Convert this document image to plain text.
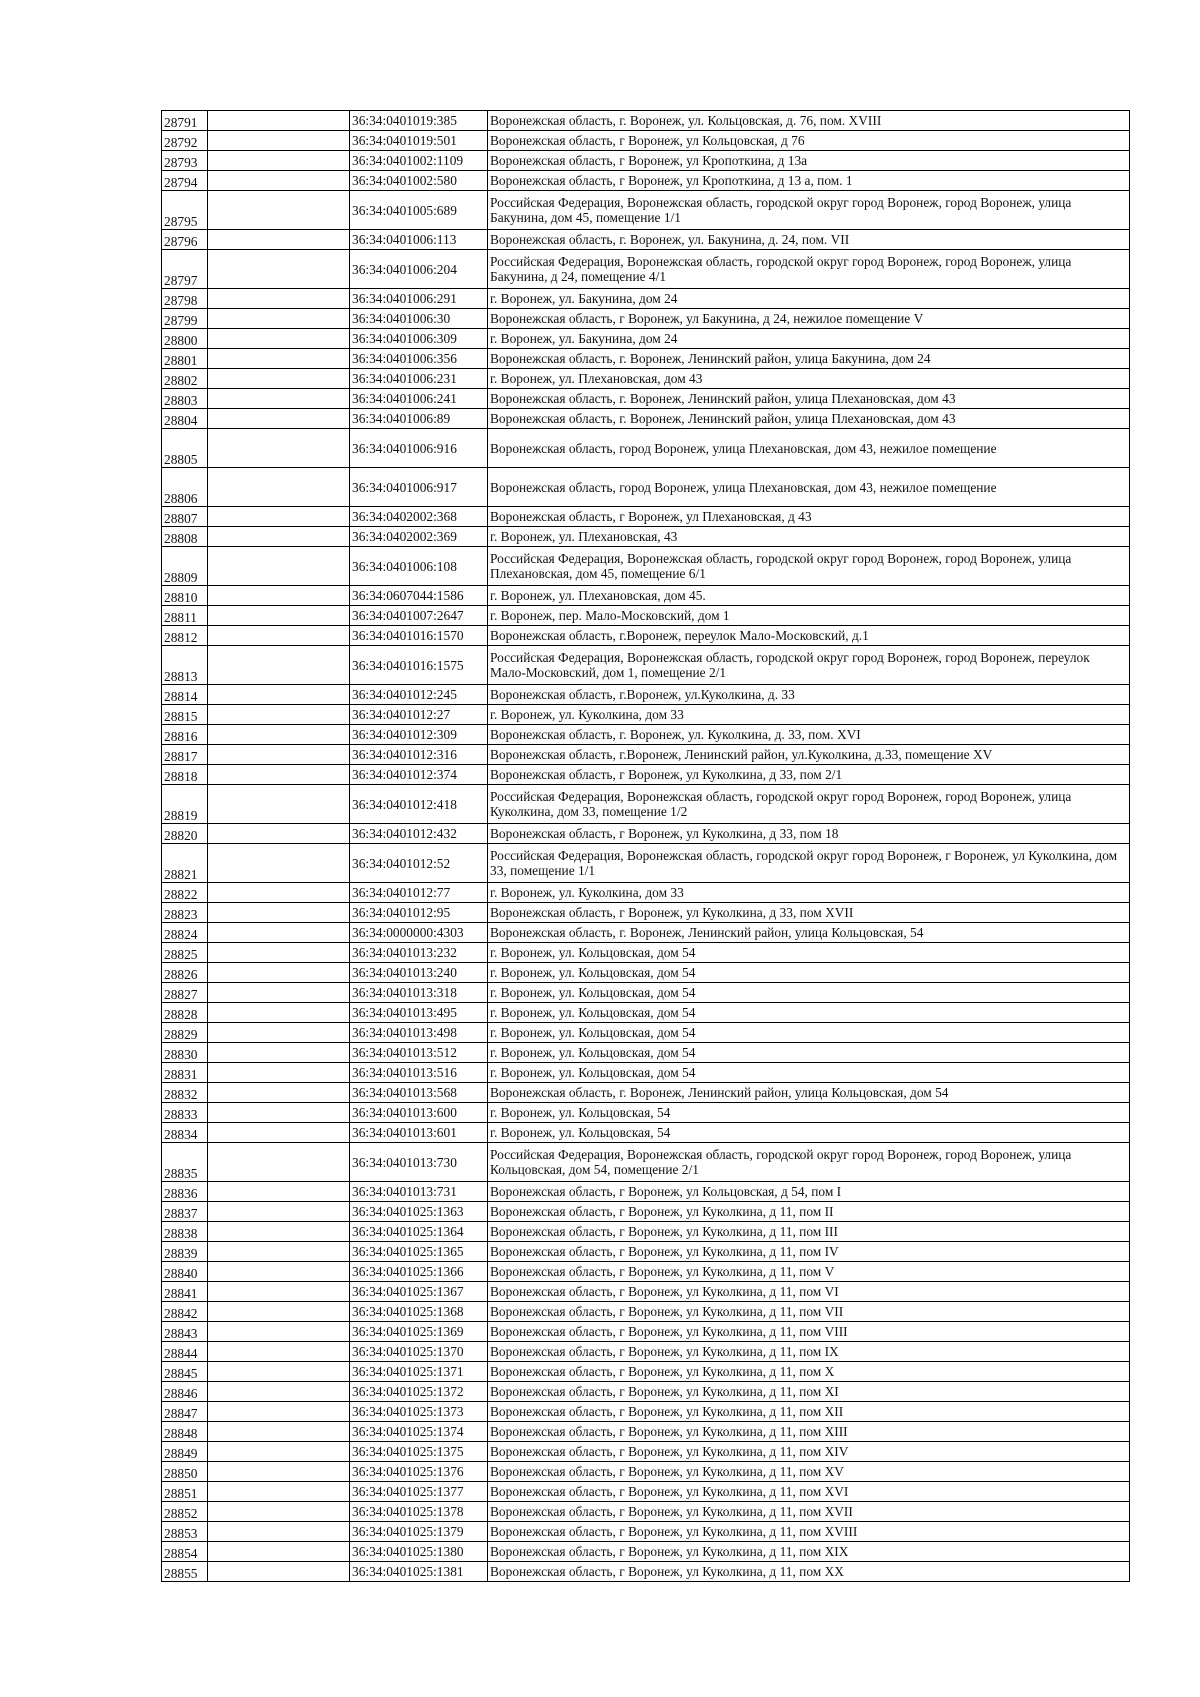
28791		36:34:0401019:385	Воронежская область, г. Воронеж, ул. Кольцовская, д. 76, пом. XVIII
28792		36:34:0401019:501	Воронежская область, г Воронеж, ул Кольцовская, д 76
28793		36:34:0401002:1109	Воронежская область, г Воронеж, ул Кропоткина, д 13а
28794		36:34:0401002:580	Воронежская область, г Воронеж, ул Кропоткина, д 13 а, пом. 1
28795		36:34:0401005:689	Российская Федерация, Воронежская область, городской округ город Воронеж, город Воронеж, улица Бакунина, дом 45, помещение 1/1
28796		36:34:0401006:113	Воронежская область, г. Воронеж, ул. Бакунина, д. 24, пом. VII
28797		36:34:0401006:204	Российская Федерация, Воронежская область, городской округ город Воронеж, город Воронеж, улица Бакунина, д 24, помещение 4/1
28798		36:34:0401006:291	г. Воронеж, ул. Бакунина, дом 24
28799		36:34:0401006:30	Воронежская область, г Воронеж, ул Бакунина, д 24, нежилое помещение V
28800		36:34:0401006:309	г. Воронеж, ул. Бакунина, дом 24
28801		36:34:0401006:356	Воронежская область, г. Воронеж, Ленинский район, улица Бакунина, дом 24
28802		36:34:0401006:231	г. Воронеж, ул. Плехановская, дом 43
28803		36:34:0401006:241	Воронежская область, г. Воронеж, Ленинский район, улица Плехановская, дом 43
28804		36:34:0401006:89	Воронежская область, г. Воронеж, Ленинский район, улица Плехановская, дом 43
28805		36:34:0401006:916	Воронежская область, город Воронеж, улица Плехановская, дом 43, нежилое помещение
28806		36:34:0401006:917	Воронежская область, город Воронеж, улица Плехановская, дом 43, нежилое помещение
28807		36:34:0402002:368	Воронежская область, г Воронеж, ул Плехановская, д 43
28808		36:34:0402002:369	г. Воронеж, ул. Плехановская, 43
28809		36:34:0401006:108	Российская Федерация, Воронежская область, городской округ город Воронеж, город Воронеж, улица Плехановская, дом 45, помещение 6/1
28810		36:34:0607044:1586	г. Воронеж, ул. Плехановская, дом 45.
28811		36:34:0401007:2647	г. Воронеж, пер. Мало-Московский, дом 1
28812		36:34:0401016:1570	Воронежская область, г.Воронеж, переулок Мало-Московский, д.1
28813		36:34:0401016:1575	Российская Федерация, Воронежская область, городской округ город Воронеж, город Воронеж, переулок Мало-Московский, дом 1, помещение 2/1
28814		36:34:0401012:245	Воронежская область, г.Воронеж, ул.Куколкина, д. 33
28815		36:34:0401012:27	г. Воронеж, ул. Куколкина, дом 33
28816		36:34:0401012:309	Воронежская область, г. Воронеж, ул. Куколкина, д. 33, пом. XVI
28817		36:34:0401012:316	Воронежская область, г.Воронеж, Ленинский район, ул.Куколкина, д.33, помещение XV
28818		36:34:0401012:374	Воронежская область, г Воронеж, ул Куколкина, д 33, пом 2/1
28819		36:34:0401012:418	Российская Федерация, Воронежская область, городской округ город Воронеж, город Воронеж, улица Куколкина, дом 33, помещение 1/2
28820		36:34:0401012:432	Воронежская область, г Воронеж, ул Куколкина, д 33, пом 18
28821		36:34:0401012:52	Российская Федерация, Воронежская область, городской округ город Воронеж, г Воронеж, ул Куколкина, дом 33, помещение 1/1
28822		36:34:0401012:77	г. Воронеж, ул. Куколкина, дом 33
28823		36:34:0401012:95	Воронежская область, г Воронеж, ул Куколкина, д 33, пом XVII
28824		36:34:0000000:4303	Воронежская область, г. Воронеж, Ленинский район, улица Кольцовская, 54
28825		36:34:0401013:232	г. Воронеж, ул. Кольцовская, дом 54
28826		36:34:0401013:240	г. Воронеж, ул. Кольцовская, дом 54
28827		36:34:0401013:318	г. Воронеж, ул. Кольцовская, дом 54
28828		36:34:0401013:495	г. Воронеж, ул. Кольцовская, дом 54
28829		36:34:0401013:498	г. Воронеж, ул. Кольцовская, дом 54
28830		36:34:0401013:512	г. Воронеж, ул. Кольцовская, дом 54
28831		36:34:0401013:516	г. Воронеж, ул. Кольцовская, дом 54
28832		36:34:0401013:568	Воронежская область, г. Воронеж, Ленинский район, улица Кольцовская, дом 54
28833		36:34:0401013:600	г. Воронеж, ул. Кольцовская, 54
28834		36:34:0401013:601	г. Воронеж, ул. Кольцовская, 54
28835		36:34:0401013:730	Российская Федерация, Воронежская область, городской округ город Воронеж, город Воронеж, улица Кольцовская, дом 54, помещение 2/1
28836		36:34:0401013:731	Воронежская область, г Воронеж, ул Кольцовская, д 54, пом I
28837		36:34:0401025:1363	Воронежская область, г Воронеж, ул Куколкина, д 11, пом II
28838		36:34:0401025:1364	Воронежская область, г Воронеж, ул Куколкина, д 11, пом III
28839		36:34:0401025:1365	Воронежская область, г Воронеж, ул Куколкина, д 11, пом IV
28840		36:34:0401025:1366	Воронежская область, г Воронеж, ул Куколкина, д 11, пом V
28841		36:34:0401025:1367	Воронежская область, г Воронеж, ул Куколкина, д 11, пом VI
28842		36:34:0401025:1368	Воронежская область, г Воронеж, ул Куколкина, д 11, пом VII
28843		36:34:0401025:1369	Воронежская область, г Воронеж, ул Куколкина, д 11, пом VIII
28844		36:34:0401025:1370	Воронежская область, г Воронеж, ул Куколкина, д 11, пом IX
28845		36:34:0401025:1371	Воронежская область, г Воронеж, ул Куколкина, д 11, пом X
28846		36:34:0401025:1372	Воронежская область, г Воронеж, ул Куколкина, д 11, пом XI
28847		36:34:0401025:1373	Воронежская область, г Воронеж, ул Куколкина, д 11, пом XII
28848		36:34:0401025:1374	Воронежская область, г Воронеж, ул Куколкина, д 11, пом XIII
28849		36:34:0401025:1375	Воронежская область, г Воронеж, ул Куколкина, д 11, пом XIV
28850		36:34:0401025:1376	Воронежская область, г Воронеж, ул Куколкина, д 11, пом XV
28851		36:34:0401025:1377	Воронежская область, г Воронеж, ул Куколкина, д 11, пом XVI
28852		36:34:0401025:1378	Воронежская область, г Воронеж, ул Куколкина, д 11, пом XVII
28853		36:34:0401025:1379	Воронежская область, г Воронеж, ул Куколкина, д 11, пом XVIII
28854		36:34:0401025:1380	Воронежская область, г Воронеж, ул Куколкина, д 11, пом XIX
28855		36:34:0401025:1381	Воронежская область, г Воронеж, ул Куколкина, д 11, пом XX
